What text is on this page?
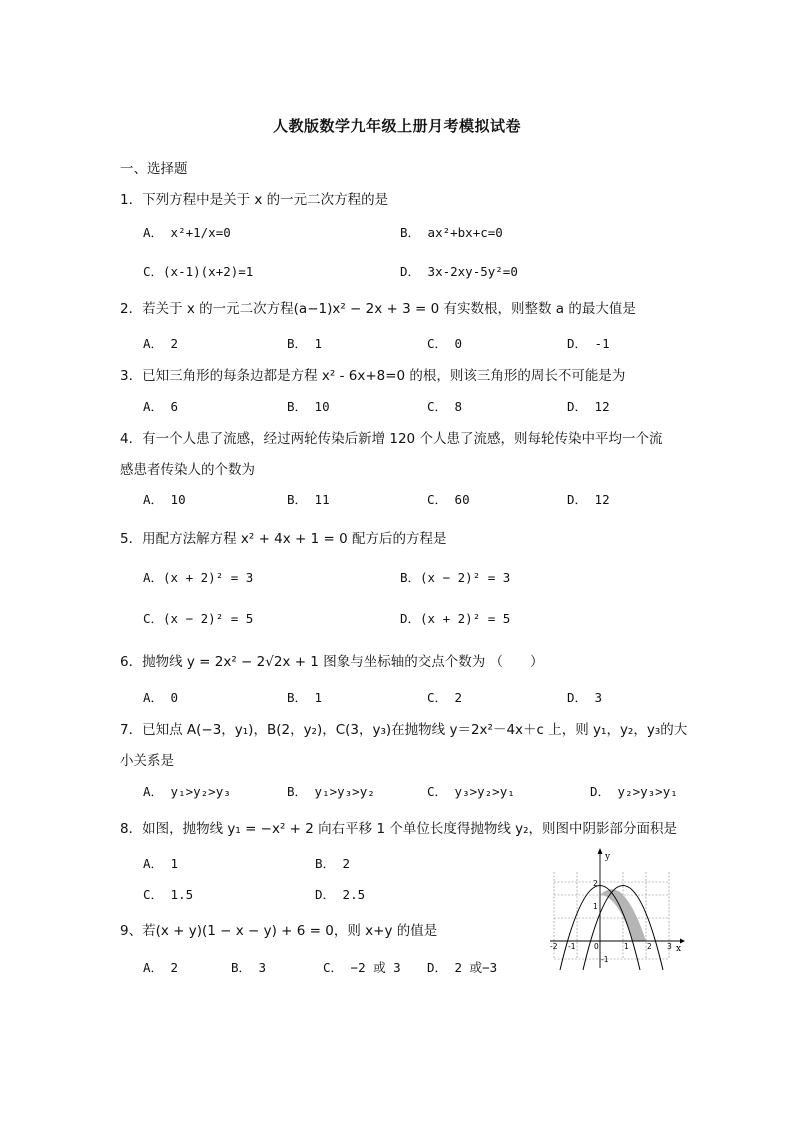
人教版数学九年级上册月考模拟试卷
一、选择题
1．下列方程中是关于 x 的一元二次方程的是
A． x²+1/x=0	B． ax²+bx+c=0
C．(x-1)(x+2)=1	D． 3x-2xy-5y²=0
2．若关于 x 的一元二次方程(a−1)x² − 2x + 3 = 0 有实数根，则整数 a 的最大值是
A． 2	B． 1	C． 0	D． -1
3．已知三角形的每条边都是方程 x² - 6x+8=0 的根，则该三角形的周长不可能是为
A． 6	B． 10	C． 8	D． 12
4．有一个人患了流感，经过两轮传染后新增 120 个人患了流感，则每轮传染中平均一个流
感患者传染人的个数为
A． 10	B． 11	C． 60	D． 12
5．用配方法解方程 x² + 4x + 1 = 0 配方后的方程是
A．(x + 2)² = 3	B．(x − 2)² = 3
C．(x − 2)² = 5	D．(x + 2)² = 5
6．抛物线 y = 2x² − 2√2x + 1 图象与坐标轴的交点个数为 （　　）
A． 0	B． 1	C． 2	D． 3
7．已知点 A(−3，y₁)，B(2，y₂)，C(3，y₃)在抛物线 y＝2x²－4x＋c 上，则 y₁，y₂，y₃的大
小关系是
A． y₁>y₂>y₃	B． y₁>y₃>y₂	C． y₃>y₂>y₁	D． y₂>y₃>y₁
8．如图，抛物线 y₁ = −x² + 2 向右平移 1 个单位长度得抛物线 y₂，则图中阴影部分面积是
A． 1	B． 2
C． 1.5	D． 2.5
9、若(x + y)(1 − x − y) + 6 = 0，则 x+y 的值是
A． 2	B． 3	C． −2 或 3 D． 2 或−3
y
x
-2 -1 0	1 2 3
2
1
-1
